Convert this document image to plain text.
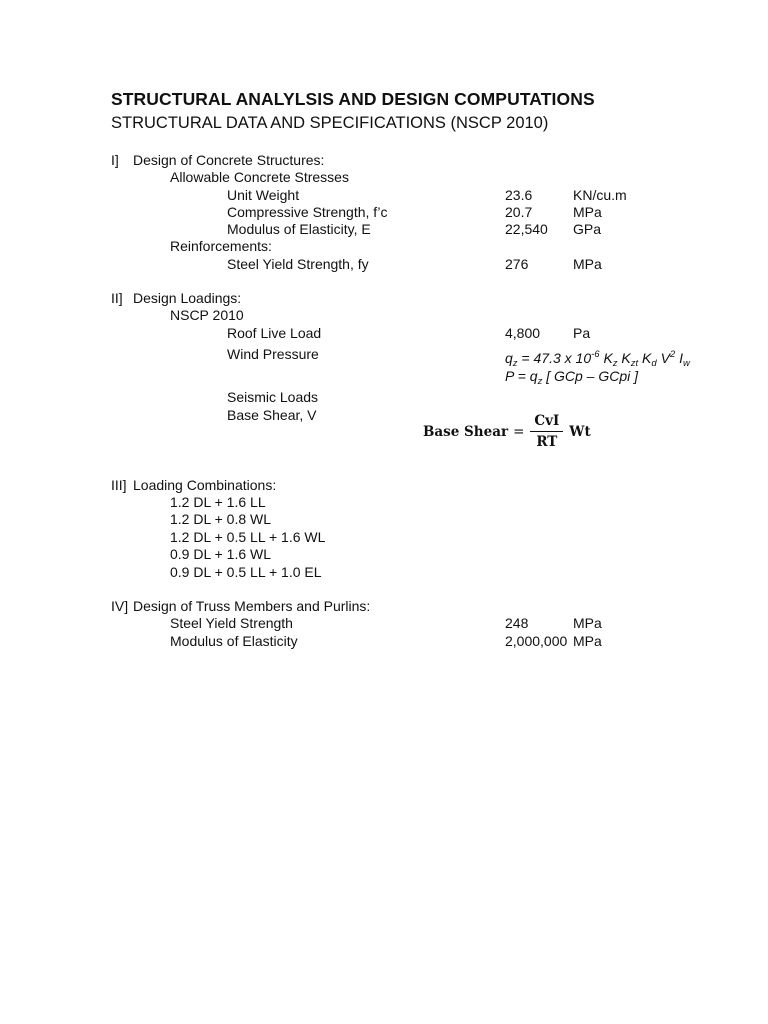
STRUCTURAL ANALYLSIS AND DESIGN COMPUTATIONS
STRUCTURAL DATA AND SPECIFICATIONS (NSCP 2010)
I] Design of Concrete Structures:
Allowable Concrete Stresses
Unit Weight	23.6	KN/cu.m
Compressive Strength, f’c	20.7	MPa
Modulus of Elasticity, E	22,540 GPa
Reinforcements:
Steel Yield Strength, fy	276	MPa
II] Design Loadings:
NSCP 2010
Roof Live Load	4,800 Pa
Wind Pressure	$q_z = 47.3$ x $10^{-6}$ $K_z$ $K_{zt}$ $K_d$ $V^2$ $I_w$
$P = q_z$ [ GCp – GCpi ]
Seismic Loads
Base Shear, V
Base Shear = $\frac{\text{CvI}}{RT}$ Wt
III] Loading Combinations:
1.2 DL + 1.6 LL
1.2 DL + 0.8 WL
1.2 DL + 0.5 LL + 1.6 WL
0.9 DL + 1.6 WL
0.9 DL + 0.5 LL + 1.0 EL
IV] Design of Truss Members and Purlins:
Steel Yield Strength	248	MPa
Modulus of Elasticity	2,000,000 MPa
